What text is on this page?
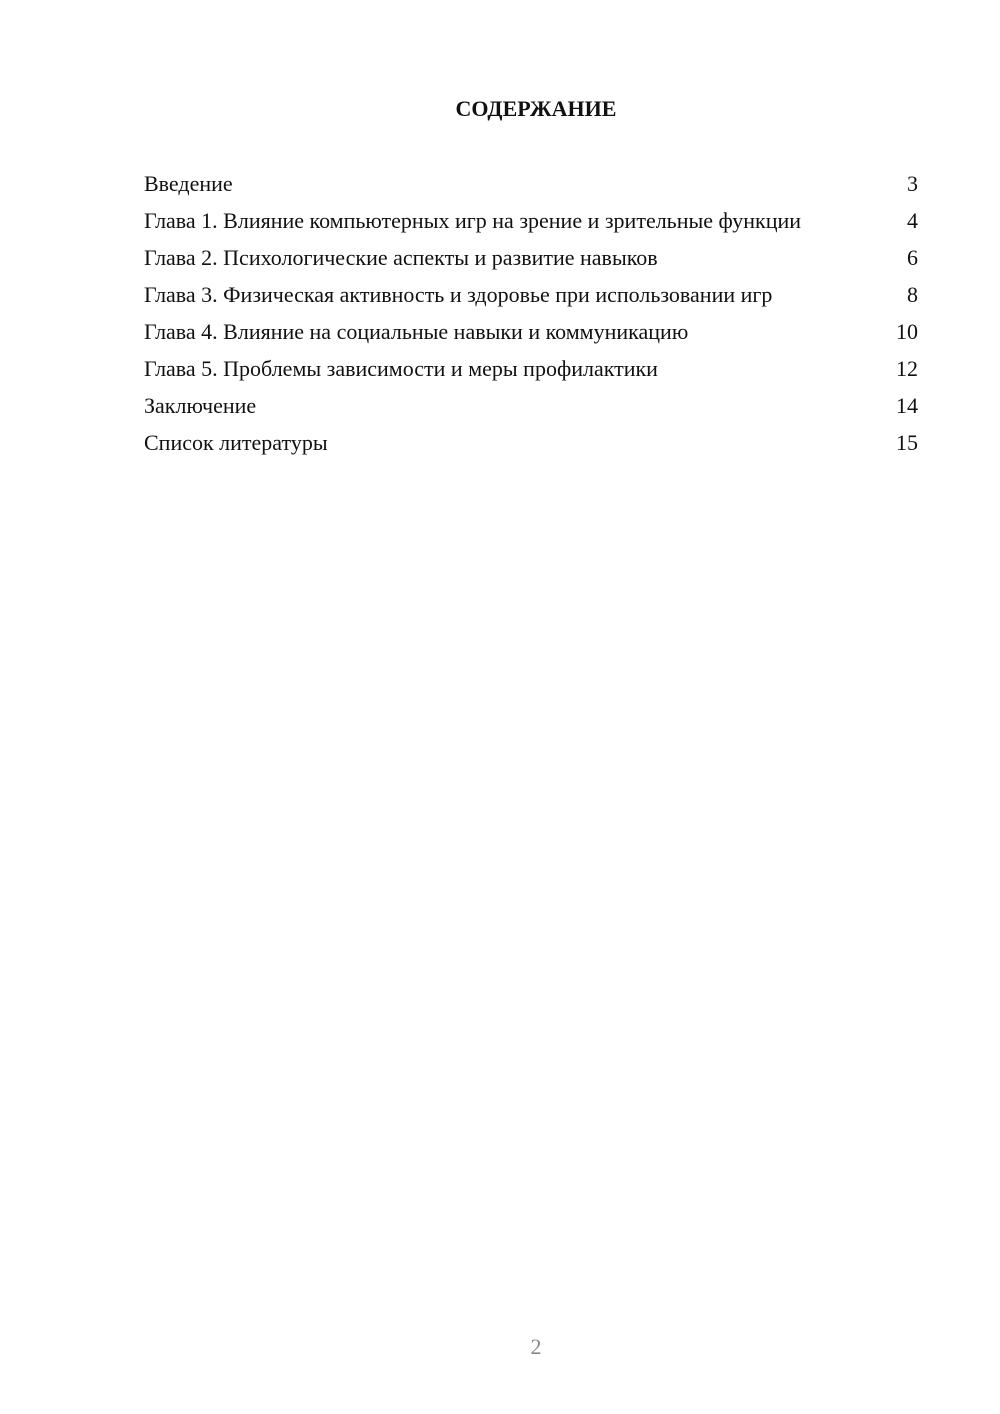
СОДЕРЖАНИЕ
Введение	3
Глава 1. Влияние компьютерных игр на зрение и зрительные функции	4
Глава 2. Психологические аспекты и развитие навыков	6
Глава 3. Физическая активность и здоровье при использовании игр	8
Глава 4. Влияние на социальные навыки и коммуникацию	10
Глава 5. Проблемы зависимости и меры профилактики	12
Заключение	14
Список литературы	15
2
